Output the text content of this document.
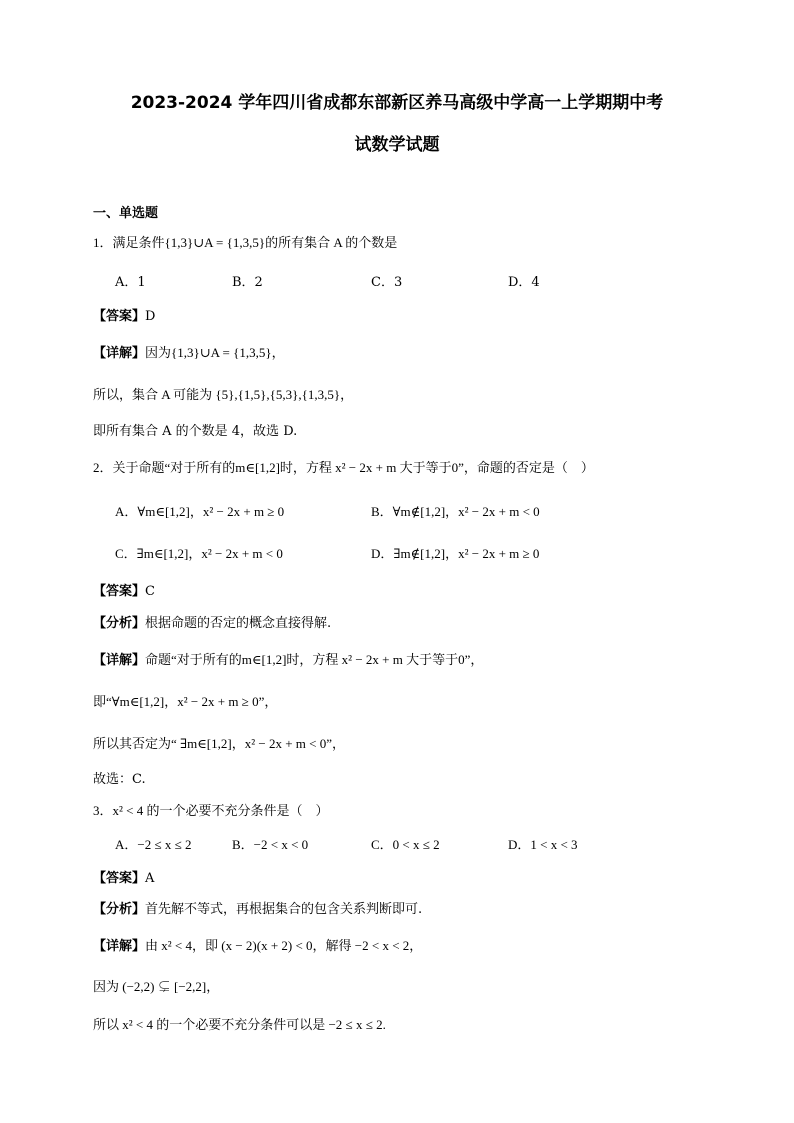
2023-2024 学年四川省成都东部新区养马高级中学高一上学期期中考
试数学试题
一、单选题
1．满足条件{1,3}∪A = {1,3,5}的所有集合 A 的个数是
A．1	B．2	C．3	D．4
【答案】D
【详解】因为{1,3}∪A = {1,3,5}，
所以，集合 A 可能为 {5},{1,5},{5,3},{1,3,5}，
即所有集合 A 的个数是 4，故选 D.
2．关于命题“对于所有的m∈[1,2]时，方程 x² − 2x + m 大于等于0”，命题的否定是（　）
A．∀m∈[1,2]，x² − 2x + m ≥ 0	B．∀m∉[1,2]，x² − 2x + m < 0
C．∃m∈[1,2]，x² − 2x + m < 0	D．∃m∉[1,2]，x² − 2x + m ≥ 0
【答案】C
【分析】根据命题的否定的概念直接得解.
【详解】命题“对于所有的m∈[1,2]时，方程 x² − 2x + m 大于等于0”，
即“∀m∈[1,2]，x² − 2x + m ≥ 0”，
所以其否定为“ ∃m∈[1,2]，x² − 2x + m < 0”，
故选：C.
3．x² < 4 的一个必要不充分条件是（　）
A．−2 ≤ x ≤ 2	B．−2 < x < 0	C．0 < x ≤ 2	D．1 < x < 3
【答案】A
【分析】首先解不等式，再根据集合的包含关系判断即可.
【详解】由 x² < 4，即 (x − 2)(x + 2) < 0，解得 −2 < x < 2，
因为 (−2,2) ⊊ [−2,2]，
所以 x² < 4 的一个必要不充分条件可以是 −2 ≤ x ≤ 2.
